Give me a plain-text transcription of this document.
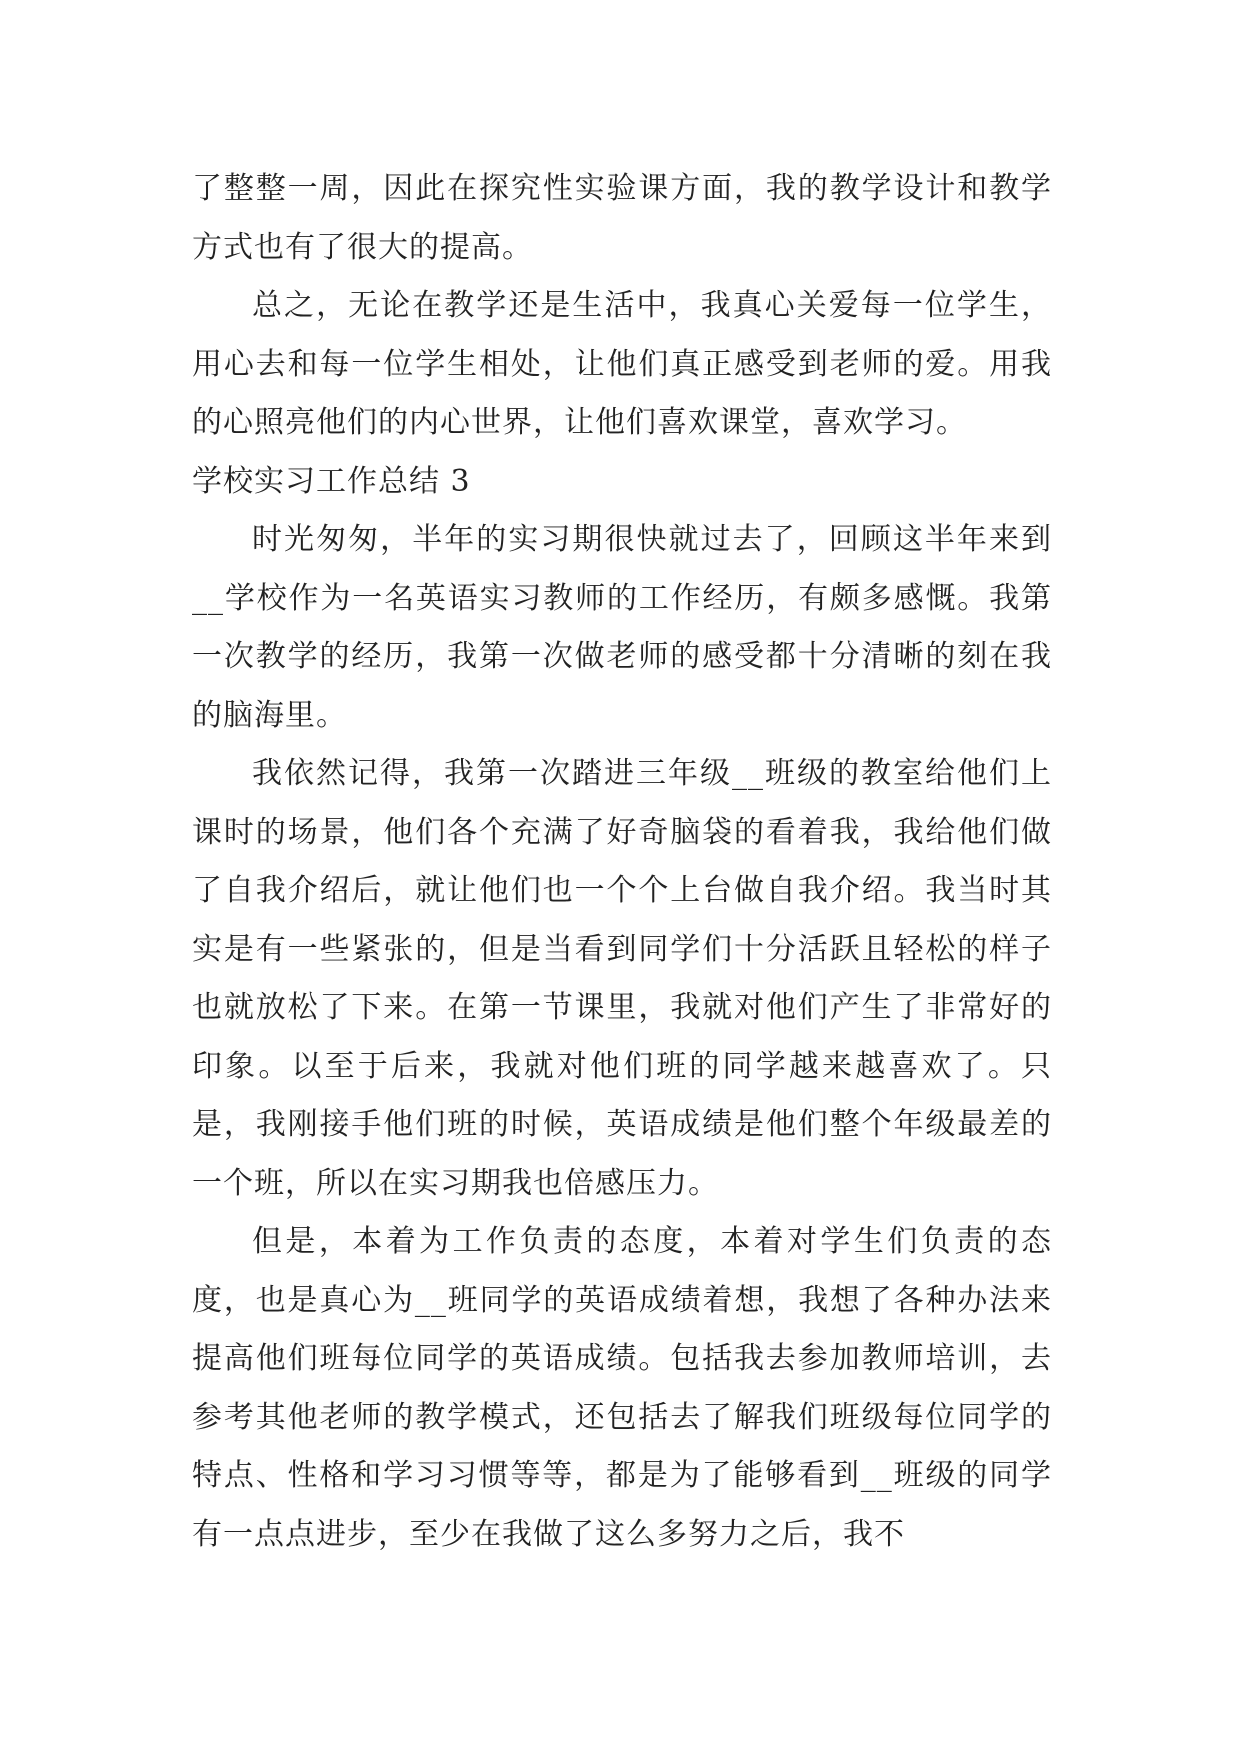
了整整一周，因此在探究性实验课方面，我的教学设计和教学方式也有了很大的提高。

总之，无论在教学还是生活中，我真心关爱每一位学生，用心去和每一位学生相处，让他们真正感受到老师的爱。用我的心照亮他们的内心世界，让他们喜欢课堂，喜欢学习。

学校实习工作总结 3

时光匆匆，半年的实习期很快就过去了，回顾这半年来到__学校作为一名英语实习教师的工作经历，有颇多感慨。我第一次教学的经历，我第一次做老师的感受都十分清晰的刻在我的脑海里。

我依然记得，我第一次踏进三年级__班级的教室给他们上课时的场景，他们各个充满了好奇脑袋的看着我，我给他们做了自我介绍后，就让他们也一个个上台做自我介绍。我当时其实是有一些紧张的，但是当看到同学们十分活跃且轻松的样子也就放松了下来。在第一节课里，我就对他们产生了非常好的印象。以至于后来，我就对他们班的同学越来越喜欢了。只是，我刚接手他们班的时候，英语成绩是他们整个年级最差的一个班，所以在实习期我也倍感压力。

但是，本着为工作负责的态度，本着对学生们负责的态度，也是真心为__班同学的英语成绩着想，我想了各种办法来提高他们班每位同学的英语成绩。包括我去参加教师培训，去参考其他老师的教学模式，还包括去了解我们班级每位同学的特点、性格和学习习惯等等，都是为了能够看到__班级的同学有一点点进步，至少在我做了这么多努力之后，我不
